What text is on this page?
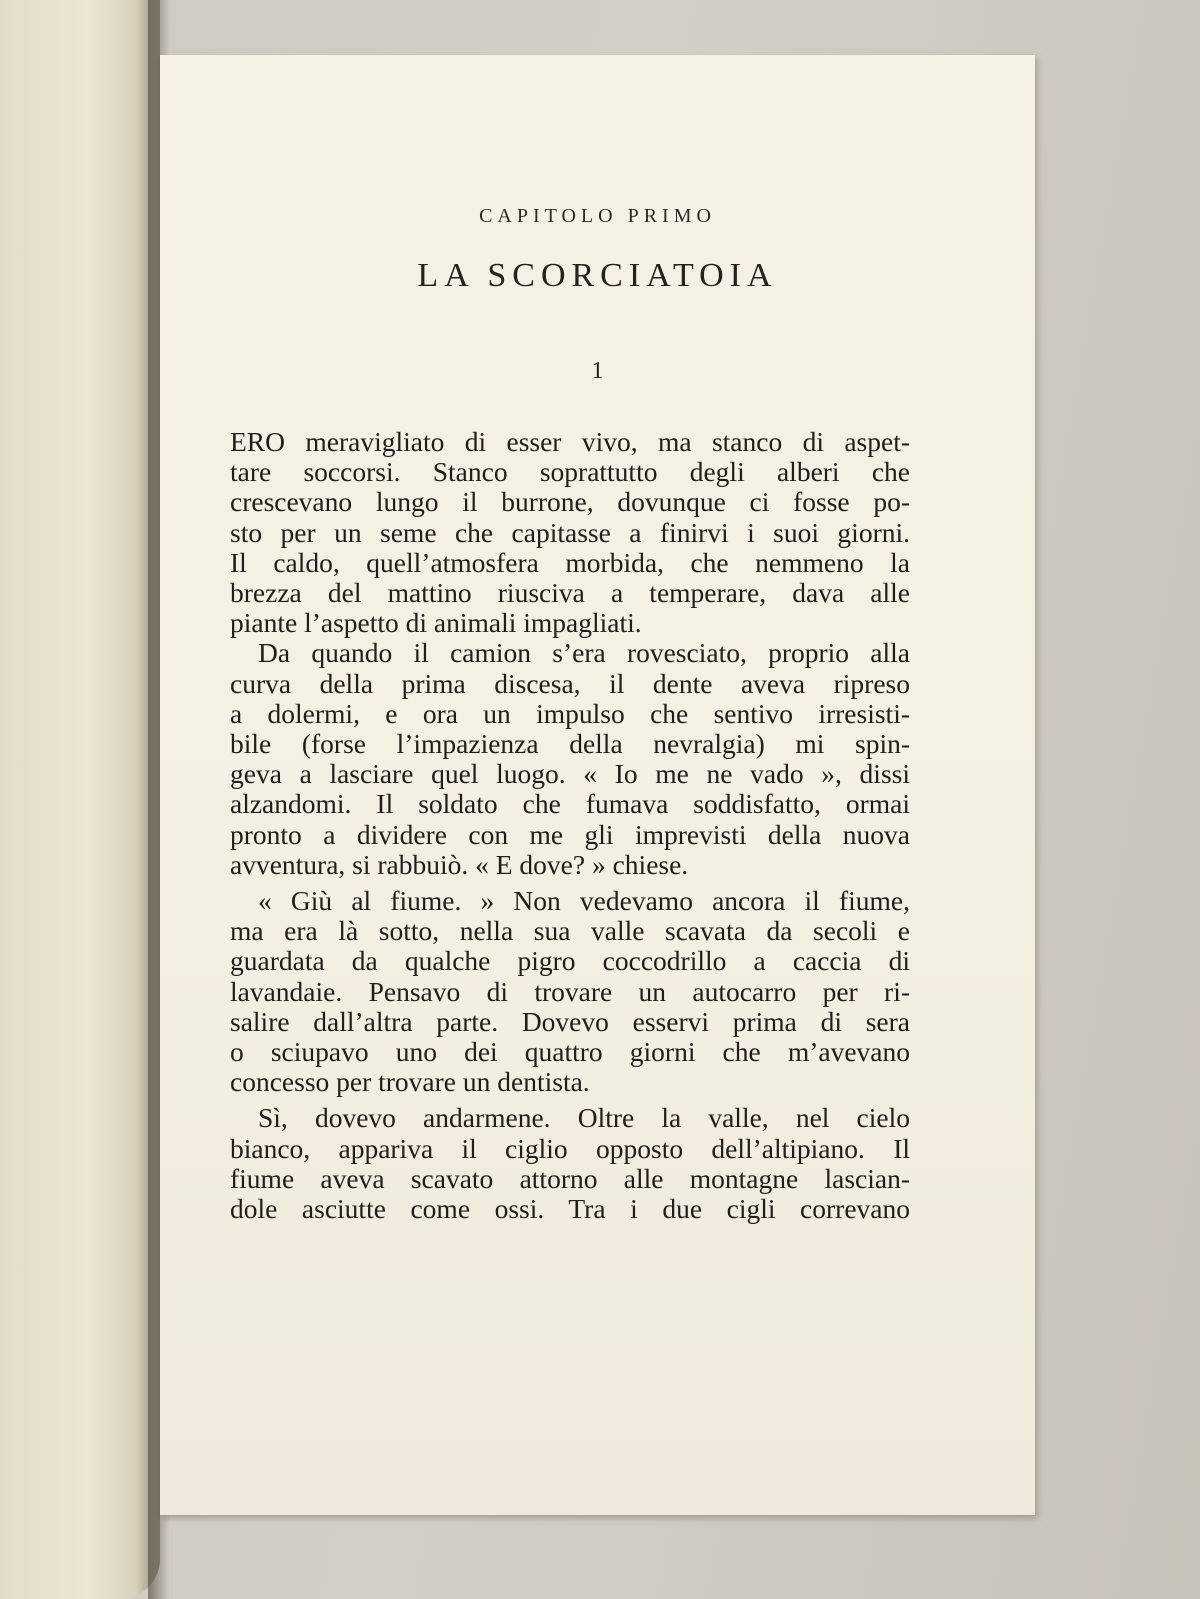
CAPITOLO PRIMO
LA SCORCIATOIA
1
ERO meravigliato di esser vivo, ma stanco di aspet-
tare soccorsi. Stanco soprattutto degli alberi che
crescevano lungo il burrone, dovunque ci fosse po-
sto per un seme che capitasse a finirvi i suoi giorni.
Il caldo, quell’atmosfera morbida, che nemmeno la
brezza del mattino riusciva a temperare, dava alle
piante l’aspetto di animali impagliati.
Da quando il camion s’era rovesciato, proprio alla
curva della prima discesa, il dente aveva ripreso
a dolermi, e ora un impulso che sentivo irresisti-
bile (forse l’impazienza della nevralgia) mi spin-
geva a lasciare quel luogo. « Io me ne vado », dissi
alzandomi. Il soldato che fumava soddisfatto, ormai
pronto a dividere con me gli imprevisti della nuova
avventura, si rabbuiò. « E dove? » chiese.
« Giù al fiume. » Non vedevamo ancora il fiume,
ma era là sotto, nella sua valle scavata da secoli e
guardata da qualche pigro coccodrillo a caccia di
lavandaie. Pensavo di trovare un autocarro per ri-
salire dall’altra parte. Dovevo esservi prima di sera
o sciupavo uno dei quattro giorni che m’avevano
concesso per trovare un dentista.
Sì, dovevo andarmene. Oltre la valle, nel cielo
bianco, appariva il ciglio opposto dell’altipiano. Il
fiume aveva scavato attorno alle montagne lascian-
dole asciutte come ossi. Tra i due cigli correvano
